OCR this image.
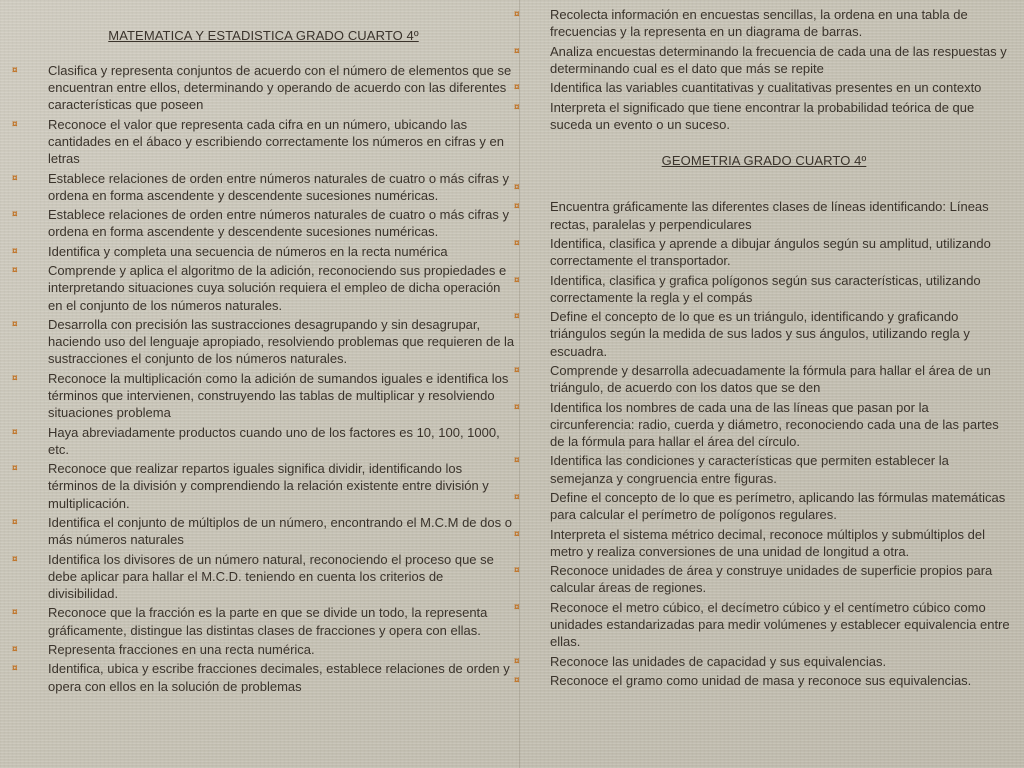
MATEMATICA Y ESTADISTICA GRADO CUARTO 4º
¤ Clasifica y representa conjuntos de acuerdo con el número de elementos que se encuentran entre ellos, determinando y operando de acuerdo con las diferentes características que poseen
¤ Reconoce el valor que representa cada cifra en un número, ubicando las cantidades en el ábaco y escribiendo correctamente los números en cifras y en letras
¤ Establece relaciones de orden entre números naturales de cuatro o más cifras y ordena en forma ascendente y descendente sucesiones numéricas.
¤ Establece relaciones de orden entre números naturales de cuatro o más cifras y ordena en forma ascendente y descendente sucesiones numéricas.
¤ Identifica y completa una secuencia de números en la recta numérica
¤ Comprende y aplica el algoritmo de la adición, reconociendo sus propiedades e interpretando situaciones cuya solución requiera el empleo de dicha operación en el conjunto de los números naturales.
¤ Desarrolla con precisión las sustracciones desagrupando y sin desagrupar, haciendo uso del lenguaje apropiado, resolviendo problemas que requieren de la sustracciones el conjunto de los números naturales.
¤ Reconoce la multiplicación como la adición de sumandos iguales e identifica los términos que intervienen, construyendo las tablas de multiplicar y resolviendo situaciones problema
¤ Haya abreviadamente productos cuando uno de los factores es 10, 100, 1000, etc.
¤ Reconoce que realizar repartos iguales significa dividir, identificando los términos de la división y comprendiendo la relación existente entre división y multiplicación.
¤ Identifica el conjunto de múltiplos de un número, encontrando el M.C.M de dos o más números naturales
¤ Identifica los divisores de un número natural, reconociendo el proceso que se debe aplicar para hallar el M.C.D. teniendo en cuenta los criterios de divisibilidad.
¤ Reconoce que la fracción es la parte en que se divide un todo, la representa gráficamente, distingue las distintas clases de fracciones y opera con ellas.
¤ Representa fracciones en una recta numérica.
¤ Identifica, ubica y escribe fracciones decimales, establece relaciones de orden y opera con ellos en la solución de problemas
¤ Recolecta información en encuestas sencillas, la ordena en una tabla de frecuencias y la representa en un diagrama de barras.
¤ Analiza encuestas determinando la frecuencia de cada una de las respuestas y determinando cual es el dato que más se repite
¤ Identifica las variables cuantitativas y cualitativas presentes en un contexto
¤ Interpreta el significado que tiene encontrar la probabilidad teórica de que suceda un evento o un suceso.
GEOMETRIA GRADO CUARTO 4º
¤
¤ Encuentra gráficamente las diferentes clases de líneas identificando: Líneas rectas, paralelas y perpendiculares
¤ Identifica, clasifica y aprende a dibujar ángulos según su amplitud, utilizando correctamente el transportador.
¤ Identifica, clasifica y grafica polígonos según sus características, utilizando correctamente la regla y el compás
¤ Define el concepto de lo que es un triángulo, identificando y graficando triángulos según la medida de sus lados y sus ángulos, utilizando regla y escuadra.
¤ Comprende y desarrolla adecuadamente la fórmula para hallar el área de un triángulo, de acuerdo con los datos que se den
¤ Identifica los nombres de cada una de las líneas que pasan por la circunferencia: radio, cuerda y diámetro, reconociendo cada una de las partes de la fórmula para hallar el área del círculo.
¤ Identifica las condiciones y características que permiten establecer la semejanza y congruencia entre figuras.
¤ Define el concepto de lo que es perímetro, aplicando las fórmulas matemáticas para calcular el perímetro de polígonos regulares.
¤ Interpreta el sistema métrico decimal, reconoce múltiplos y submúltiplos del metro y realiza conversiones de una unidad de longitud a otra.
¤ Reconoce unidades de área y construye unidades de superficie propios para calcular áreas de regiones.
¤ Reconoce el metro cúbico, el decímetro cúbico y el centímetro cúbico como unidades estandarizadas para medir volúmenes y establecer equivalencia entre ellas.
¤ Reconoce las unidades de capacidad y sus equivalencias.
¤ Reconoce el gramo como unidad de masa y reconoce sus equivalencias.
